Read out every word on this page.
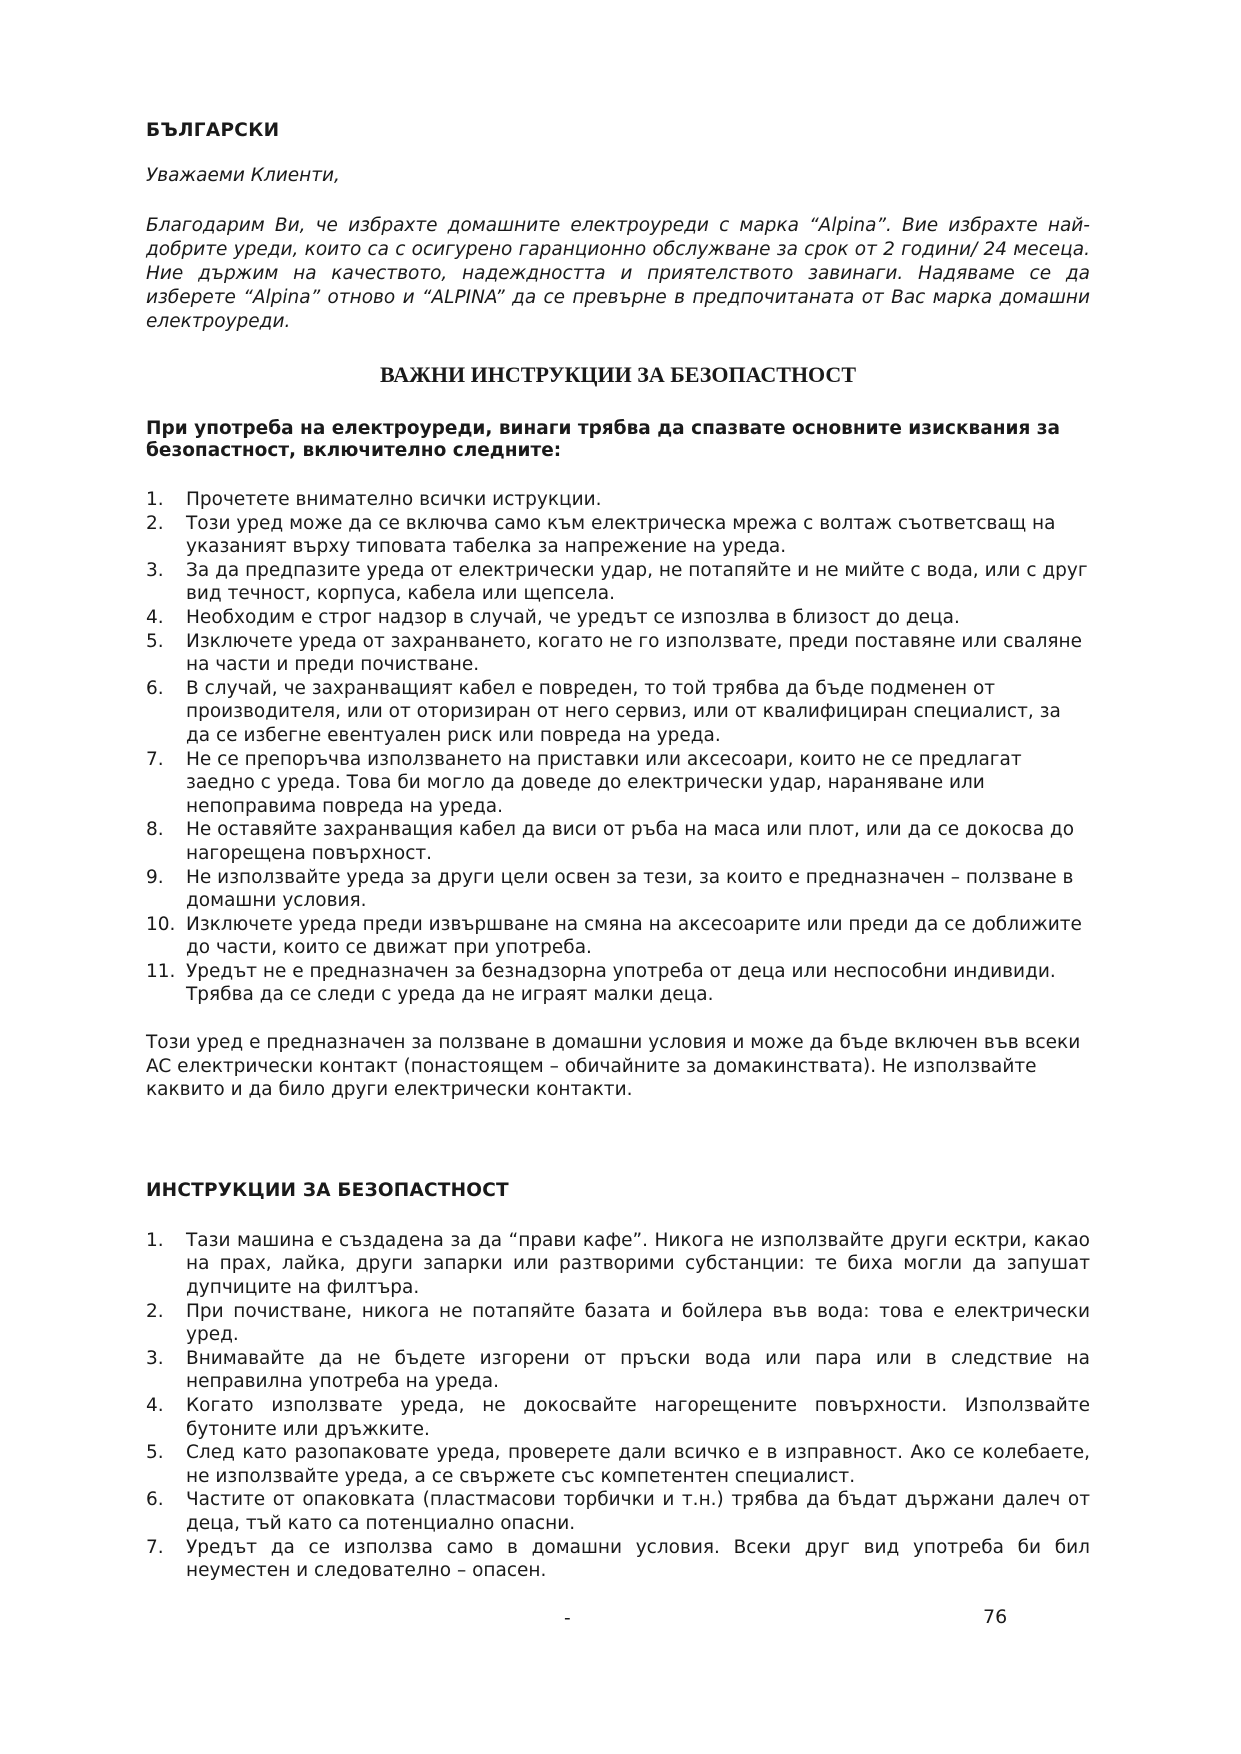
БЪЛГАРСКИ
Уважаеми Клиенти,
Благодарим Ви, че избрахте домашните електроуреди с марка “Alpina”. Вие избрахте най-добрите уреди, които са с осигурено гаранционно обслужване за срок от 2 години/ 24 месеца. Ние държим на качеството, надеждността и приятелството завинаги. Надяваме се да изберете “Alpina” отново и “ALPINA” да се превърне в предпочитаната от Вас марка домашни електроуреди.
ВАЖНИ ИНСТРУКЦИИ ЗА БЕЗОПАСТНОСТ
При употреба на електроуреди, винаги трябва да спазвате основните изисквания за безопастност, включително следните:
1.	Прочетете внимателно всички иструкции.
2.	Този уред може да се включва само към електрическа мрежа с волтаж съответсващ на указаният върху типовата табелка за напрежение на уреда.
3.	За да предпазите уреда от електрически удар, не потапяйте и не мийте с вода, или с друг вид течност, корпуса, кабела или щепсела.
4.	Необходим е строг надзор в случай, че уредът се изпозлва в близост до деца.
5.	Изключете уреда от захранването, когато не го използвате, преди поставяне или сваляне на части и преди почистване.
6.	В случай, че захранващият кабел е повреден, то той трябва да бъде подменен от производителя, или от оторизиран от него сервиз, или от квалифициран специалист, за да се избегне евентуален риск или повреда на уреда.
7.	Не се препоръчва използването на приставки или аксесоари, които не се предлагат заедно с уреда. Това би могло да доведе до електрически удар, нараняване или непоправима повреда на уреда.
8.	Не оставяйте захранващия кабел да виси от ръба на маса или плот, или да се докосва до нагорещена повърхност.
9.	Не използвайте уреда за други цели освен за тези, за които е предназначен – ползване в домашни условия.
10. Изключете уреда преди извършване на смяна на аксесоарите или преди да се доближите до части, които се движат при употреба.
11. Уредът не е предназначен за безнадзорна употреба от деца или неспособни индивиди. Трябва да се следи с уреда да не играят малки деца.
Този уред е предназначен за ползване в домашни условия и може да бъде включен във всеки AC електрически контакт (понастоящем – обичайните за домакинствата). Не използвайте каквито и да било други електрически контакти.
ИНСТРУКЦИИ ЗА БЕЗОПАСТНОСТ
1.	Тази машина е създадена за да “прави кафе”. Никога не използвайте други ecктри, какао на прах, лайка, други запарки или разтворими субстанции: те биха могли да запушат дупчиците на филтъра.
2.	При почистване, никога не потапяйте базата и бойлера във вода: това е електрически уред.
3.	Внимавайте да не бъдете изгорени от пръски вода или пара или в следствие на неправилна употреба на уреда.
4.	Когато използвате уреда, не докосвайте нагорещените повърхности. Използвайте бутоните или дръжките.
5.	След като разопаковате уреда, проверете дали всичко е в изправност. Ако се колебаете, не използвайте уреда, а се свържете със компетентен специалист.
6.	Частите от опаковката (пластмасови торбички и т.н.) трябва да бъдат държани далеч от деца, тъй като са потенциално опасни.
7.	Уредът да се използва само в домашни условия. Всеки друг вид употреба би бил неуместен и следователно – опасен.
-	76
